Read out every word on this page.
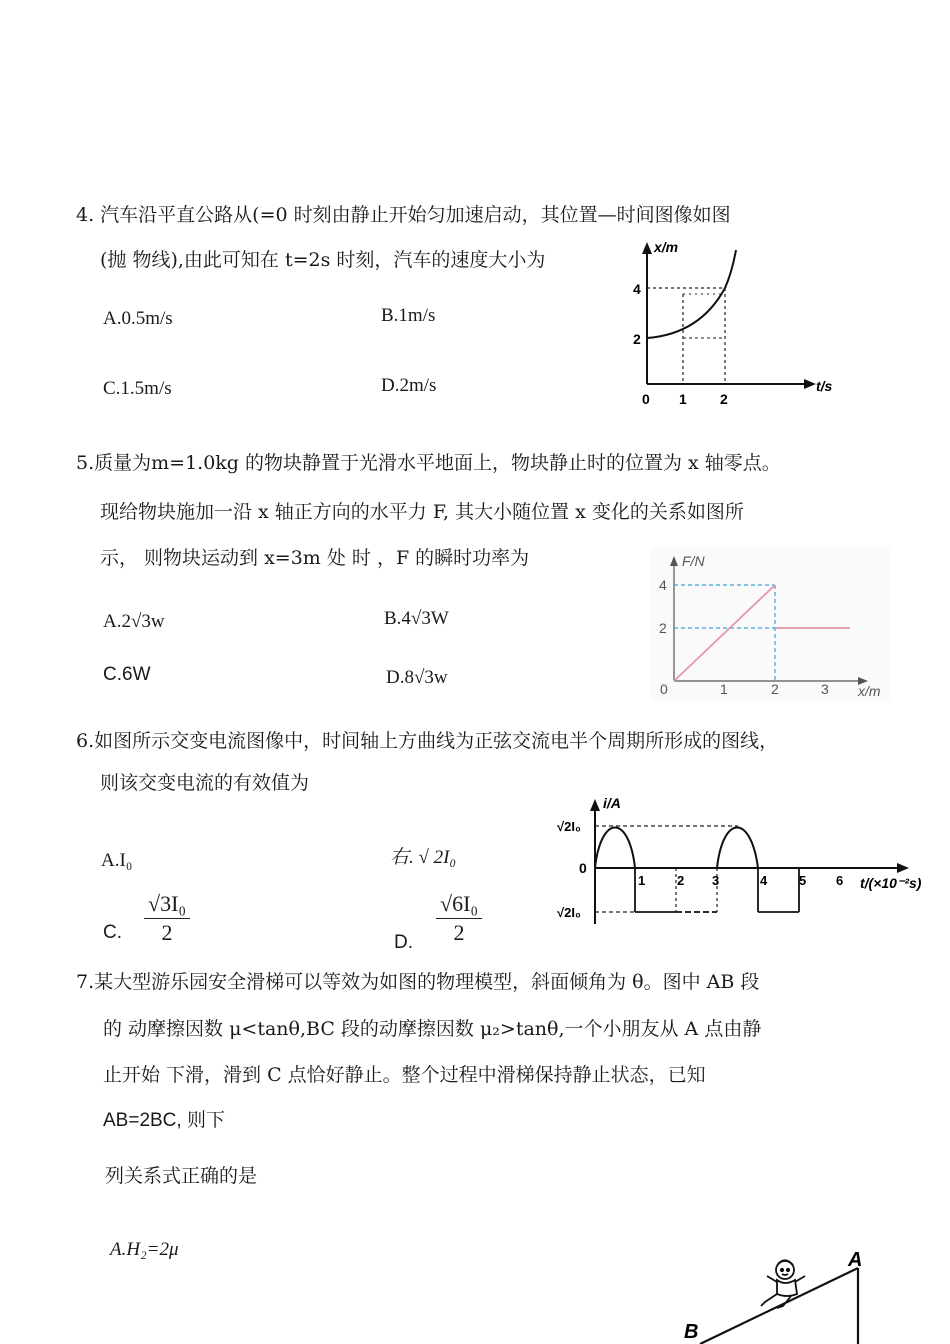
4. 汽车沿平直公路从(=0 时刻由静止开始匀加速启动，其位置—时间图像如图
(抛 物线),由此可知在 t=2s 时刻，汽车的速度大小为
A.0.5m/s	B.1m/s
C.1.5m/s	D.2m/s
x/m
t/s
4
2
0 1 2
5.质量为m=1.0kg 的物块静置于光滑水平地面上，物块静止时的位置为 x 轴零点。
现给物块施加一沿 x 轴正方向的水平力 F, 其大小随位置 x 变化的关系如图所
示， 则物块运动到 x=3m 处 时 ，F 的瞬时功率为
A.2√3w	B.4√3W
C.6W	D.8√3w
F/N
x/m
4
2
0	1	2	3
6.如图所示交变电流图像中，时间轴上方曲线为正弦交流电半个周期所形成的图线，
则该交变电流的有效值为
A.I₀	右. √ 2I₀
C. $\frac{\text{√3I₀}}{2}$	D. $\frac{\text{√6I₀}}{2}$
i/A
√2I₀
0
√2I₀
1 2 3	4 5 6 t/(×10⁻²s)
7.某大型游乐园安全滑梯可以等效为如图的物理模型，斜面倾角为 θ。图中 AB 段
的 动摩擦因数 μ<tanθ,BC 段的动摩擦因数 μ₂>tanθ,一个小朋友从 A 点由静
止开始 下滑，滑到 C 点恰好静止。整个过程中滑梯保持静止状态，已知
AB=2BC, 则下
列关系式正确的是
A.H₂=2μ	A
B
